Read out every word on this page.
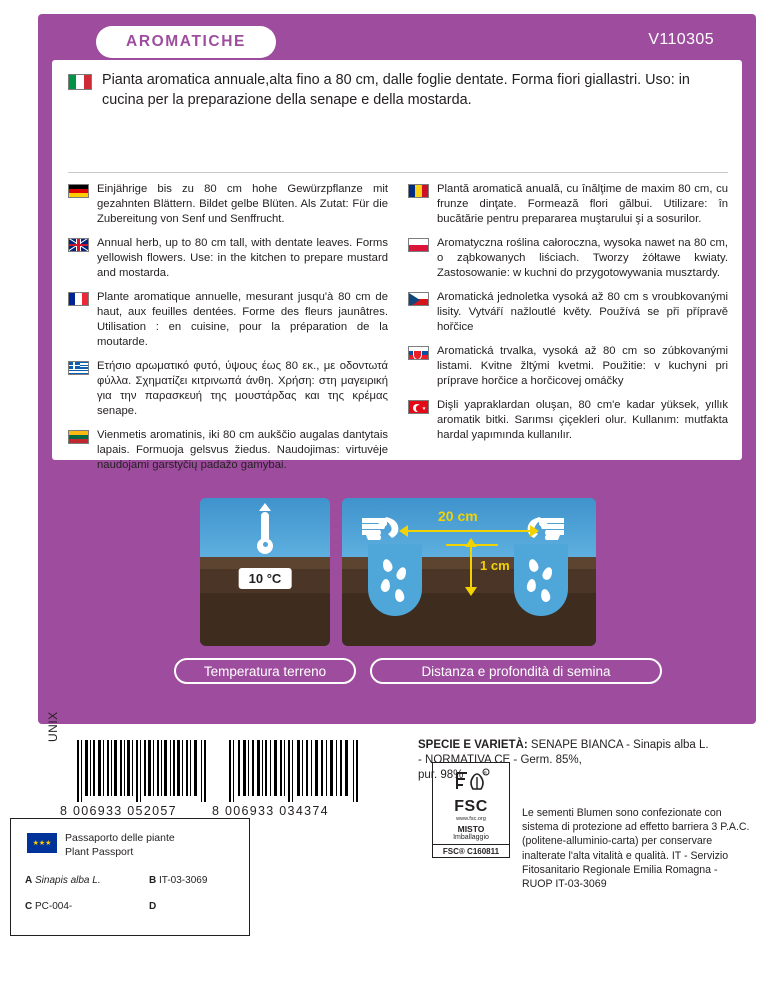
AROMATICHE	V110305
Pianta aromatica annuale,alta fino a 80 cm, dalle foglie dentate. Forma fiori giallastri. Uso: in cucina per la preparazione della senape e della mostarda.
Einjährige bis zu 80 cm hohe Gewürzpflanze mit gezahnten Blättern. Bildet gelbe Blüten. Als Zutat: Für die Zubereitung von Senf und Senffrucht.
Annual herb, up to 80 cm tall, with dentate leaves. Forms yellowish flowers. Use: in the kitchen to prepare mustard and mostarda.
Plante aromatique annuelle, mesurant jusqu'à 80 cm de haut, aux feuilles dentées. Forme des fleurs jaunâtres. Utilisation : en cuisine, pour la préparation de la moutarde.
Ετήσιο αρωματικό φυτό, ύψους έως 80 εκ., με οδοντωτά φύλλα. Σχηματίζει κιτρινωπά άνθη. Χρήση: στη μαγειρική για την παρασκευή της μουστάρδας και της κρέμας senape.
Vienmetis aromatinis, iki 80 cm aukščio augalas dantytais lapais. Formuoja gelsvus žiedus. Naudojimas: virtuvėje naudojami garstyčių padažo gamybai.
Plantă aromatică anuală, cu înălţime de maxim 80 cm, cu frunze dinţate. Formează flori gălbui. Utilizare: în bucătărie pentru prepararea muştarului şi a sosurilor.
Aromatyczna roślina całoroczna, wysoka nawet na 80 cm, o ząbkowanych liściach. Tworzy żółtawe kwiaty. Zastosowanie: w kuchni do przygotowywania musztardy.
Aromatická jednoletka vysoká až 80 cm s vroubkovanými lisity. Vytváří nažloutlé květy. Používá se při přípravě hořčice
Aromatická trvalka, vysoká až 80 cm so zúbkovanými listami. Kvitne žltými kvetmi. Použitie: v kuchyni pri príprave horčice a horčicovej omáčky
Dişli yapraklardan oluşan, 80 cm'e kadar yüksek, yıllık aromatik bitki. Sarımsı çiçekleri olur. Kullanım: mutfakta hardal yapımında kullanılır.
10 °C
20 cm
1 cm
Temperatura terreno	Distanza e profondità di semina
UNIX
8 006933 052057	8 006933 034374
★★★	Passaporto delle piante
Plant Passport
A Sinapis alba L.	B IT-03-3069
C PC-004-	D
R
FSC
www.fsc.org
MISTO
Imballaggio
FSC® C160811

SPECIE E VARIETÀ: SENAPE BIANCA - Sinapis alba L.
- NORMATIVA CE - Germ. 85%,
pur. 98%

Le sementi Blumen sono confezionate con sistema di protezione ad effetto barriera 3 P.A.C. (politene-alluminio-carta) per conservare inalterate l'alta vitalità e qualità. IT - Servizio Fitosanitario Regionale Emilia Romagna - RUOP IT-03-3069
